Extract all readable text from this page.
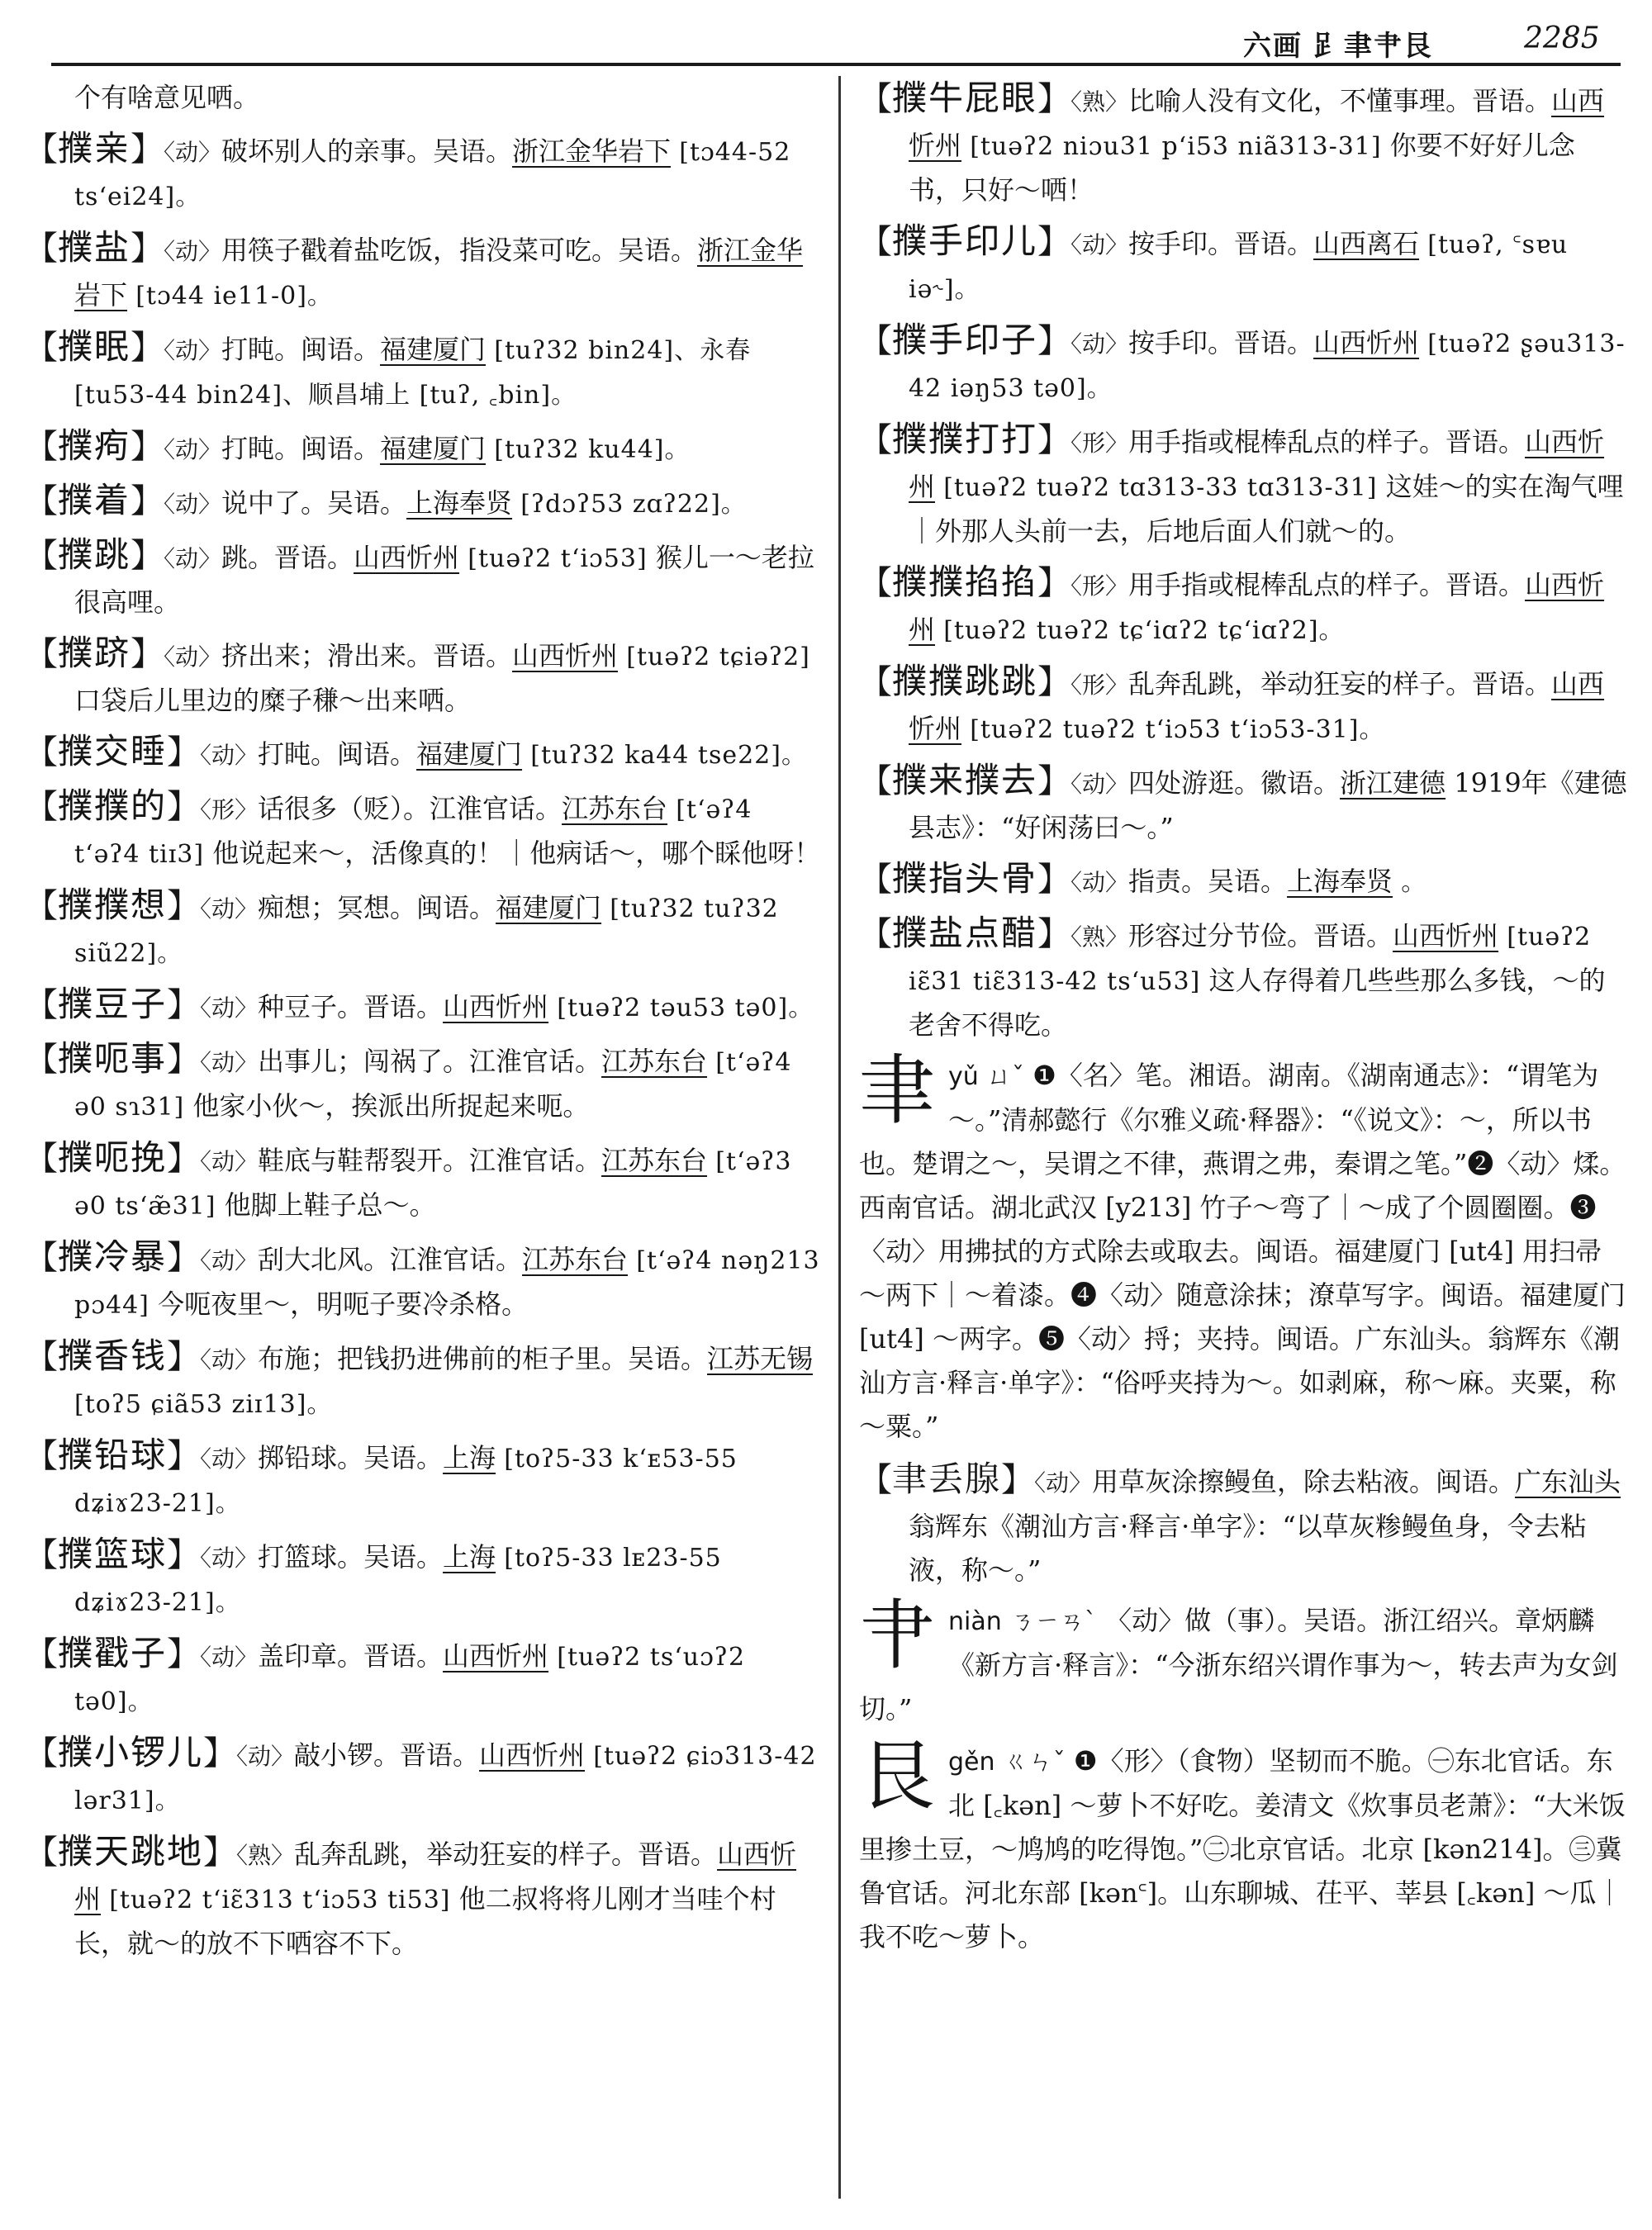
六画 𧾷聿肀艮	2285
个有啥意见哂。
【𢷏亲】〈动〉破坏别人的亲事。吴语。浙江金华岩下 [tɔ44-52 tsʻei24]。
【𢷏盐】〈动〉用筷子戳着盐吃饭，指没菜可吃。吴语。浙江金华岩下 [tɔ44 ie11-0]。
【𢷏眠】〈动〉打盹。闽语。福建厦门 [tuʔ32 bin24]、永春 [tu53-44 bin24]、顺昌埔上 [tuʔ, ꜀bin]。
【𢷏痀】〈动〉打盹。闽语。福建厦门 [tuʔ32 ku44]。
【𢷏着】〈动〉说中了。吴语。上海奉贤 [ʔdɔʔ53 zɑʔ22]。
【𢷏跳】〈动〉跳。晋语。山西忻州 [tuəʔ2 tʻiɔ53] 猴儿一～老拉很高哩。
【𢷏跻】〈动〉挤出来；滑出来。晋语。山西忻州 [tuəʔ2 tɕiəʔ2] 口袋后儿里边的糜子稴～出来哂。
【𢷏交睡】〈动〉打盹。闽语。福建厦门 [tuʔ32 ka44 tse22]。
【𢷏𢷏的】〈形〉话很多（贬）。江淮官话。江苏东台 [tʻəʔ4 tʻəʔ4 tiɪ3] 他说起来～，活像真的！｜他病话～，哪个睬他呀！
【𢷏𢷏想】〈动〉痴想；冥想。闽语。福建厦门 [tuʔ32 tuʔ32 siũ22]。
【𢷏豆子】〈动〉种豆子。晋语。山西忻州 [tuəʔ2 təu53 tə0]。
【𢷏呃事】〈动〉出事儿；闯祸了。江淮官话。江苏东台 [tʻəʔ4 ə0 sɿ31] 他家小伙～，挨派出所捉起来呃。
【𢷏呃挽】〈动〉鞋底与鞋帮裂开。江淮官话。江苏东台 [tʻəʔ3 ə0 tsʻæ̃31] 他脚上鞋子总～。
【𢷏冷暴】〈动〉刮大北风。江淮官话。江苏东台 [tʻəʔ4 nəŋ213 pɔ44] 今呃夜里～，明呃子要冷杀格。
【𢷏香钱】〈动〉布施；把钱扔进佛前的柜子里。吴语。江苏无锡 [toʔ5 ɕiã53 ziɪ13]。
【𢷏铅球】〈动〉掷铅球。吴语。上海 [toʔ5-33 kʻᴇ53-55 dʑiɤ23-21]。
【𢷏篮球】〈动〉打篮球。吴语。上海 [toʔ5-33 lᴇ23-55 dʑiɤ23-21]。
【𢷏戳子】〈动〉盖印章。晋语。山西忻州 [tuəʔ2 tsʻuɔʔ2 tə0]。
【𢷏小锣儿】〈动〉敲小锣。晋语。山西忻州 [tuəʔ2 ɕiɔ313-42 lər31]。
【𢷏天跳地】〈熟〉乱奔乱跳，举动狂妄的样子。晋语。山西忻州 [tuəʔ2 tʻiɛ̃313 tʻiɔ53 ti53] 他二叔将将儿刚才当哇个村长，就～的放不下哂容不下。
【𢷏牛屁眼】〈熟〉比喻人没有文化，不懂事理。晋语。山西忻州 [tuəʔ2 niɔu31 pʻi53 niã313-31] 你要不好好儿念书，只好～哂！
【𢷏手印儿】〈动〉按手印。晋语。山西离石 [tuəʔ, ꜂sɐu iə˞]。
【𢷏手印子】〈动〉按手印。晋语。山西忻州 [tuəʔ2 ʂəu313-42 iəŋ53 tə0]。
【𢷏𢷏打打】〈形〉用手指或棍棒乱点的样子。晋语。山西忻州 [tuəʔ2 tuəʔ2 tɑ313-33 tɑ313-31] 这娃～的实在淘气哩｜外那人头前一去，后地后面人们就～的。
【𢷏𢷏掐掐】〈形〉用手指或棍棒乱点的样子。晋语。山西忻州 [tuəʔ2 tuəʔ2 tɕʻiɑʔ2 tɕʻiɑʔ2]。
【𢷏𢷏跳跳】〈形〉乱奔乱跳，举动狂妄的样子。晋语。山西忻州 [tuəʔ2 tuəʔ2 tʻiɔ53 tʻiɔ53-31]。
【𢷏来𢷏去】〈动〉四处游逛。徽语。浙江建德 1919年《建德县志》：“好闲荡曰～。”
【𢷏指头骨】〈动〉指责。吴语。上海奉贤 。
【𢷏盐点醋】〈熟〉形容过分节俭。晋语。山西忻州 [tuəʔ2 iɛ̃31 tiɛ̃313-42 tsʻu53] 这人存得着几些些那么多钱，～的老舍不得吃。
聿yǔ ㄩˇ ❶〈名〉笔。湘语。湖南。《湖南通志》：“谓笔为～。”清郝懿行《尔雅义疏·释器》：“《说文》：～，所以书也。楚谓之～，吴谓之不律，燕谓之弗，秦谓之笔。”❷〈动〉煣。西南官话。湖北武汉 [y213] 竹子～弯了｜～成了个圆圈圈。❸〈动〉用拂拭的方式除去或取去。闽语。福建厦门 [ut4] 用扫帚～两下｜～着漆。❹〈动〉随意涂抹；潦草写字。闽语。福建厦门 [ut4] ～两字。❺〈动〉捋；夹持。闽语。广东汕头。翁辉东《潮汕方言·释言·单字》：“俗呼夹持为～。如剥麻，称～麻。夹粟，称～粟。”
【聿丢腺】〈动〉用草灰涂擦鳗鱼，除去粘液。闽语。广东汕头 翁辉东《潮汕方言·释言·单字》：“以草灰糁鳗鱼身，令去粘液，称～。”
肀niàn ㄋㄧㄢˋ 〈动〉做（事）。吴语。浙江绍兴。章炳麟《新方言·释言》：“今浙东绍兴谓作事为～，转去声为女剑切。”
艮gěn ㄍㄣˇ ❶〈形〉（食物）坚韧而不脆。㊀东北官话。东北 [꜀kən] ～萝卜不好吃。姜清文《炊事员老萧》：“大米饭里掺土豆，～鸠鸠的吃得饱。”㊁北京官话。北京 [kən214]。㊂冀鲁官话。河北东部 [kən꜂]。山东聊城、茌平、莘县 [꜀kən] ～瓜｜我不吃～萝卜。
